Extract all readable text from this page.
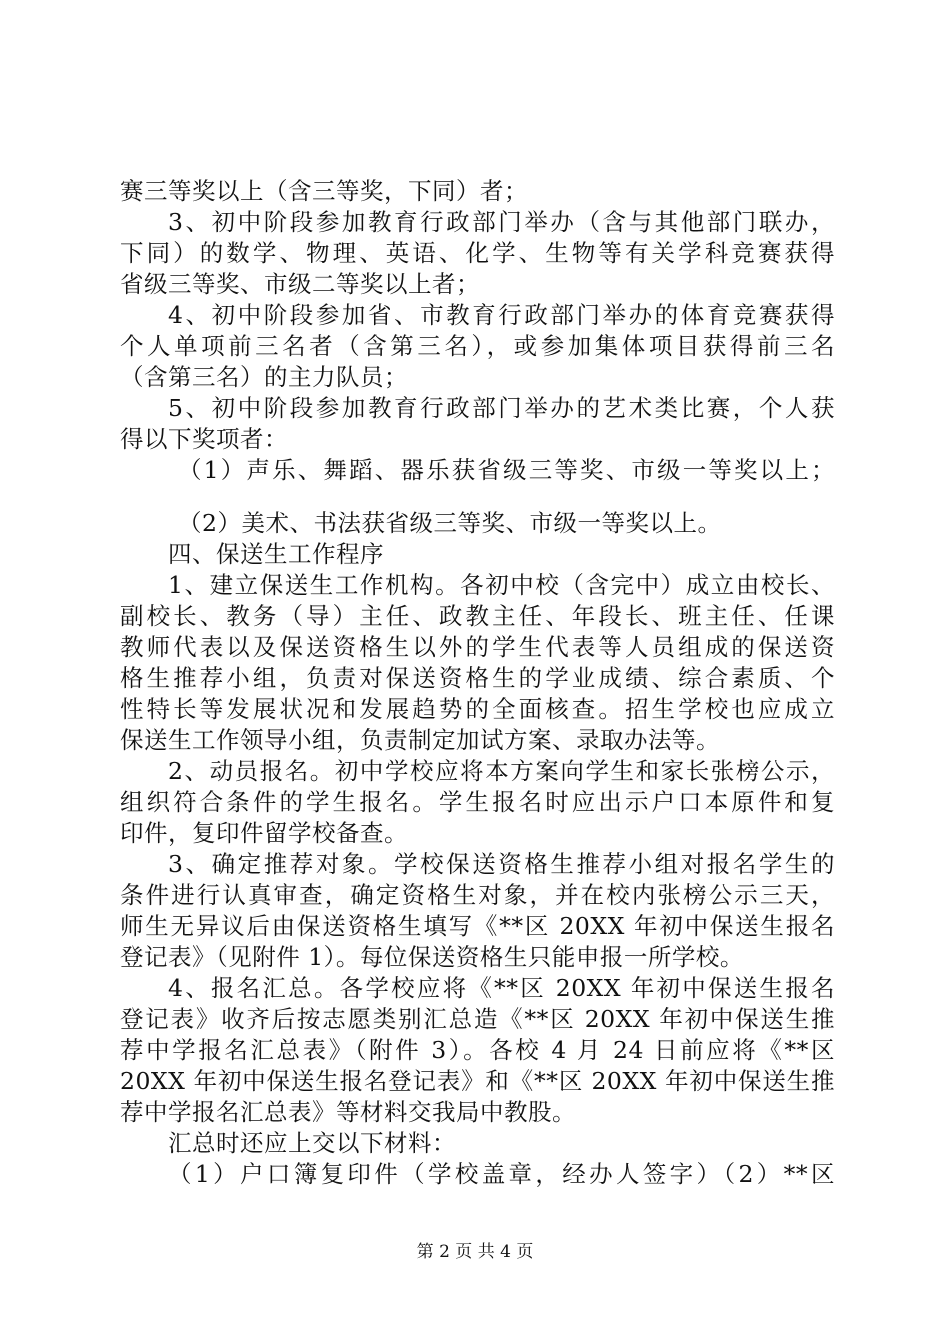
赛三等奖以上（含三等奖，下同）者；
3、初中阶段参加教育行政部门举办（含与其他部门联办，
下同）的数学、物理、英语、化学、生物等有关学科竞赛获得
省级三等奖、市级二等奖以上者；
4、初中阶段参加省、市教育行政部门举办的体育竞赛获得
个人单项前三名者（含第三名），或参加集体项目获得前三名
（含第三名）的主力队员；
5、初中阶段参加教育行政部门举办的艺术类比赛，个人获
得以下奖项者：
（1）声乐、舞蹈、器乐获省级三等奖、市级一等奖以上；
（2）美术、书法获省级三等奖、市级一等奖以上。
四、保送生工作程序
1、建立保送生工作机构。各初中校（含完中）成立由校长、
副校长、教务（导）主任、政教主任、年段长、班主任、任课
教师代表以及保送资格生以外的学生代表等人员组成的保送资
格生推荐小组，负责对保送资格生的学业成绩、综合素质、个
性特长等发展状况和发展趋势的全面核查。招生学校也应成立
保送生工作领导小组，负责制定加试方案、录取办法等。
2、动员报名。初中学校应将本方案向学生和家长张榜公示，
组织符合条件的学生报名。学生报名时应出示户口本原件和复
印件，复印件留学校备查。
3、确定推荐对象。学校保送资格生推荐小组对报名学生的
条件进行认真审查，确定资格生对象，并在校内张榜公示三天，
师生无异议后由保送资格生填写《**区 20XX 年初中保送生报名
登记表》（见附件 1）。每位保送资格生只能申报一所学校。
4、报名汇总。各学校应将《**区 20XX 年初中保送生报名
登记表》收齐后按志愿类别汇总造《**区 20XX 年初中保送生推
荐中学报名汇总表》（附件 3）。各校 4 月 24 日前应将《**区
20XX 年初中保送生报名登记表》和《**区 20XX 年初中保送生推
荐中学报名汇总表》等材料交我局中教股。
汇总时还应上交以下材料：
（1）户口簿复印件（学校盖章，经办人签字）（2）**区
第 2 页 共 4 页
